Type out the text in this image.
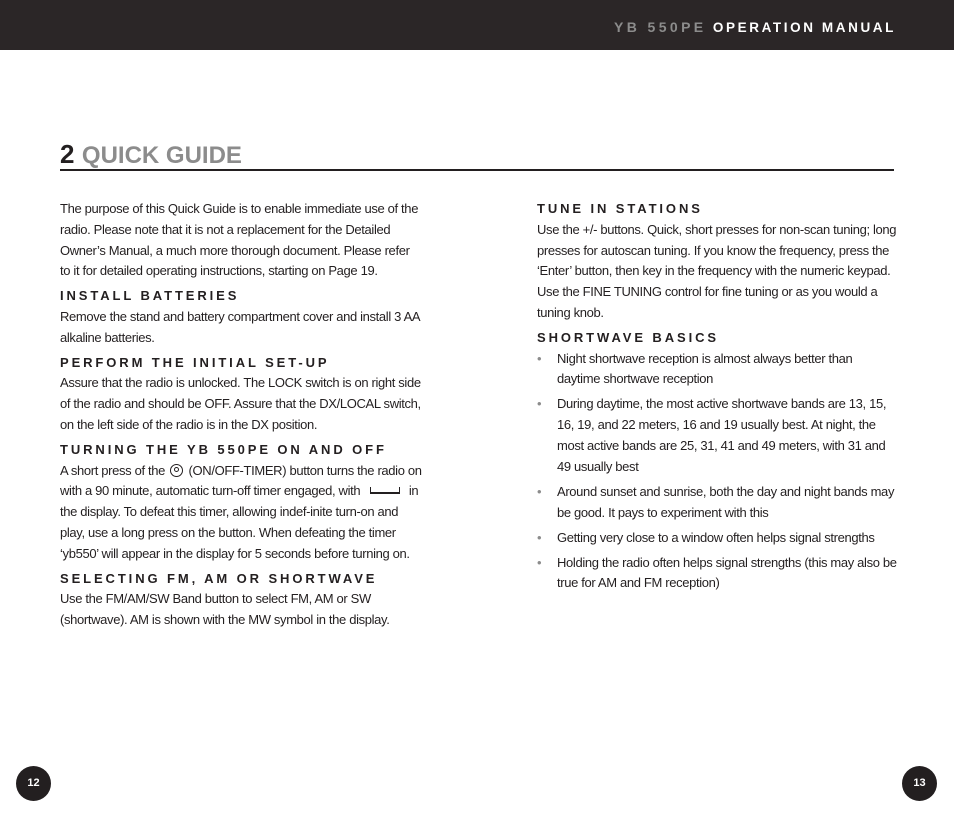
YB 550PE OPERATION MANUAL
2 QUICK GUIDE

The purpose of this Quick Guide is to enable immediate use of the radio. Please note that it is not a replacement for the Detailed Owner’s Manual, a much more thorough document. Please refer to it for detailed operating instructions, starting on Page 19.

INSTALL BATTERIES

Remove the stand and battery compartment cover and install 3 AA alkaline batteries.

PERFORM THE INITIAL SET-UP

Assure that the radio is unlocked. The LOCK switch is on right side of the radio and should be OFF. Assure that the DX/LOCAL switch, on the left side of the radio is in the DX position.

TURNING THE YB 550PE ON AND OFF

A short press of the (ON/OFF-TIMER) button turns the radio on with a 90 minute, automatic turn-off timer engaged, with	in the display. To defeat this timer, allowing indef-inite turn-on and play, use a long press on the button. When defeating the timer ‘yb550’ will appear in the display for 5 seconds before turning on.

SELECTING FM, AM OR SHORTWAVE

Use the FM/AM/SW Band button to select FM, AM or SW (shortwave). AM is shown with the MW symbol in the display.

TUNE IN STATIONS

Use the +/- buttons. Quick, short presses for non-scan tuning; long presses for autoscan tuning. If you know the frequency, press the ‘Enter’ button, then key in the frequency with the numeric keypad. Use the FINE TUNING control for fine tuning or as you would a tuning knob.

SHORTWAVE BASICS
• Night shortwave reception is almost always better than daytime shortwave reception
• During daytime, the most active shortwave bands are 13, 15, 16, 19, and 22 meters, 16 and 19 usually best. At night, the most active bands are 25, 31, 41 and 49 meters, with 31 and 49 usually best
• Around sunset and sunrise, both the day and night bands may be good. It pays to experiment with this
• Getting very close to a window often helps signal strengths
• Holding the radio often helps signal strengths (this may also be true for AM and FM reception)
12	13
